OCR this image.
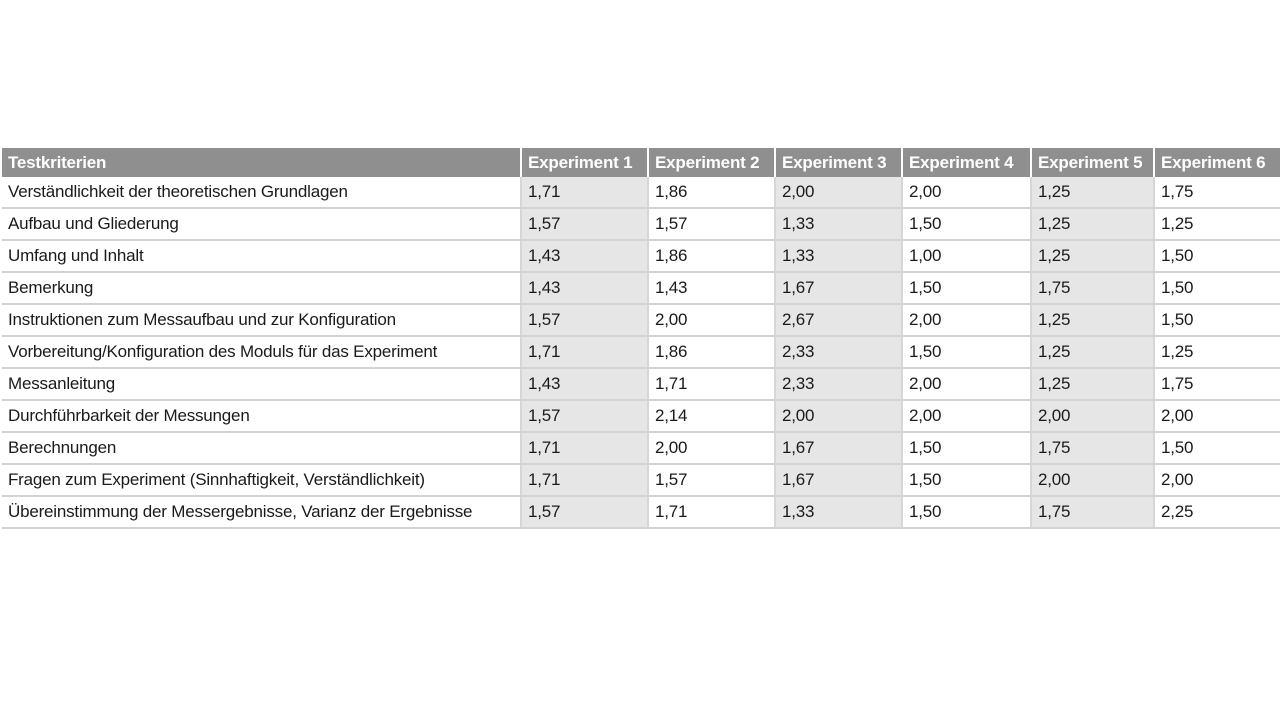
Testkriterien	Experiment 1	Experiment 2	Experiment 3	Experiment 4	Experiment 5	Experiment 6
Verständlichkeit der theoretischen Grundlagen	1,71	1,86	2,00	2,00	1,25	1,75
Aufbau und Gliederung	1,57	1,57	1,33	1,50	1,25	1,25
Umfang und Inhalt	1,43	1,86	1,33	1,00	1,25	1,50
Bemerkung	1,43	1,43	1,67	1,50	1,75	1,50
Instruktionen zum Messaufbau und zur Konfiguration	1,57	2,00	2,67	2,00	1,25	1,50
Vorbereitung/Konfiguration des Moduls für das Experiment	1,71	1,86	2,33	1,50	1,25	1,25
Messanleitung	1,43	1,71	2,33	2,00	1,25	1,75
Durchführbarkeit der Messungen	1,57	2,14	2,00	2,00	2,00	2,00
Berechnungen	1,71	2,00	1,67	1,50	1,75	1,50
Fragen zum Experiment (Sinnhaftigkeit, Verständlichkeit)	1,71	1,57	1,67	1,50	2,00	2,00
Übereinstimmung der Messergebnisse, Varianz der Ergebnisse	1,57	1,71	1,33	1,50	1,75	2,25
